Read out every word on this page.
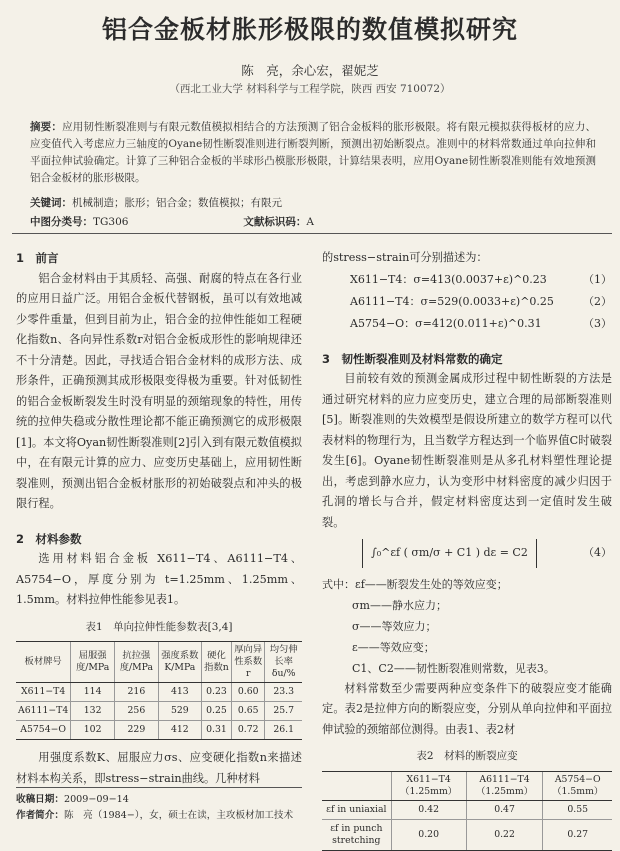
铝合金板材胀形极限的数值模拟研究
陈　亮，余心宏，翟妮芝
（西北工业大学 材料科学与工程学院，陕西 西安 710072）
摘要：应用韧性断裂准则与有限元数值模拟相结合的方法预测了铝合金板料的胀形极限。将有限元模拟获得板材的应力、应变值代入考虑应力三轴度的Oyane韧性断裂准则进行断裂判断，预测出初始断裂点。准则中的材料常数通过单向拉伸和平面拉伸试验确定。计算了三种铝合金板的半球形凸模胀形极限，计算结果表明，应用Oyane韧性断裂准则能有效地预测铝合金板材的胀形极限。
关键词：机械制造；胀形；铝合金；数值模拟；有限元
中图分类号：TG306	文献标识码：A

1　前言

铝合金材料由于其质轻、高强、耐腐的特点在各行业的应用日益广泛。用铝合金板代替钢板，虽可以有效地减少零件重量，但到目前为止，铝合金的拉伸性能如工程硬化指数n、各向异性系数r对铝合金板成形性的影响规律还不十分清楚。因此，寻找适合铝合金材料的成形方法、成形条件，正确预测其成形极限变得极为重要。针对低韧性的铝合金板断裂发生时没有明显的颈缩现象的特性，用传统的拉伸失稳或分散性理论都不能正确预测它的成形极限[1]。本文将Oyan韧性断裂准则[2]引入到有限元数值模拟中，在有限元计算的应力、应变历史基础上，应用韧性断裂准则，预测出铝合金板材胀形的初始破裂点和冲头的极限行程。

2　材料参数

选用材料铝合金板 X611−T4、A6111−T4、A5754−O，厚度分别为 t=1.25mm、1.25mm、1.5mm。材料拉伸性能参见表1。

表1　单向拉伸性能参数表[3,4]
板材牌号	屈服强度/MPa	抗拉强度/MPa	强度系数K/MPa	硬化指数n	厚向异性系数r	均匀伸长率δu/%
X611−T4	114	216	413	0.23	0.60	23.3
A6111−T4	132	256	529	0.25	0.65	25.7
A5754−O	102	229	412	0.31	0.72	26.1

用强度系数K、屈服应力σs、应变硬化指数n来描述材料本构关系，即stress−strain曲线。几种材料

收稿日期：2009−09−14
作者简介：陈　亮（1984−），女，硕士在读，主攻板材加工技术

的stress−strain可分别描述为：

X611−T4：σ=413(0.0037+ε)^0.23	（1）
A6111−T4：σ=529(0.0033+ε)^0.25	（2）
A5754−O：σ=412(0.011+ε)^0.31	（3）

3　韧性断裂准则及材料常数的确定

目前较有效的预测金属成形过程中韧性断裂的方法是通过研究材料的应力应变历史，建立合理的局部断裂准则[5]。断裂准则的失效模型是假设所建立的数学方程可以代表材料的物理行为，且当数学方程达到一个临界值C时破裂发生[6]。Oyane韧性断裂准则是从多孔材料塑性理论提出，考虑到静水应力，认为变形中材料密度的减少归因于孔洞的增长与合并，假定材料密度达到一定值时发生破裂。

∫₀^εf ( σm/σ + C1 ) dε = C2	（4）
式中：εf——断裂发生处的等效应变；
σm——静水应力；
σ——等效应力；
ε——等效应变；
C1、C2——韧性断裂准则常数，见表3。

材料常数至少需要两种应变条件下的破裂应变才能确定。表2是拉伸方向的断裂应变，分别从单向拉伸和平面拉伸试验的颈缩部位测得。由表1、表2材

表2　材料的断裂应变
	X611−T4（1.25mm）	A6111−T4（1.25mm）	A5754−O（1.5mm）
εf in uniaxial	0.42	0.47	0.55
εf in punch stretching	0.20	0.22	0.27
